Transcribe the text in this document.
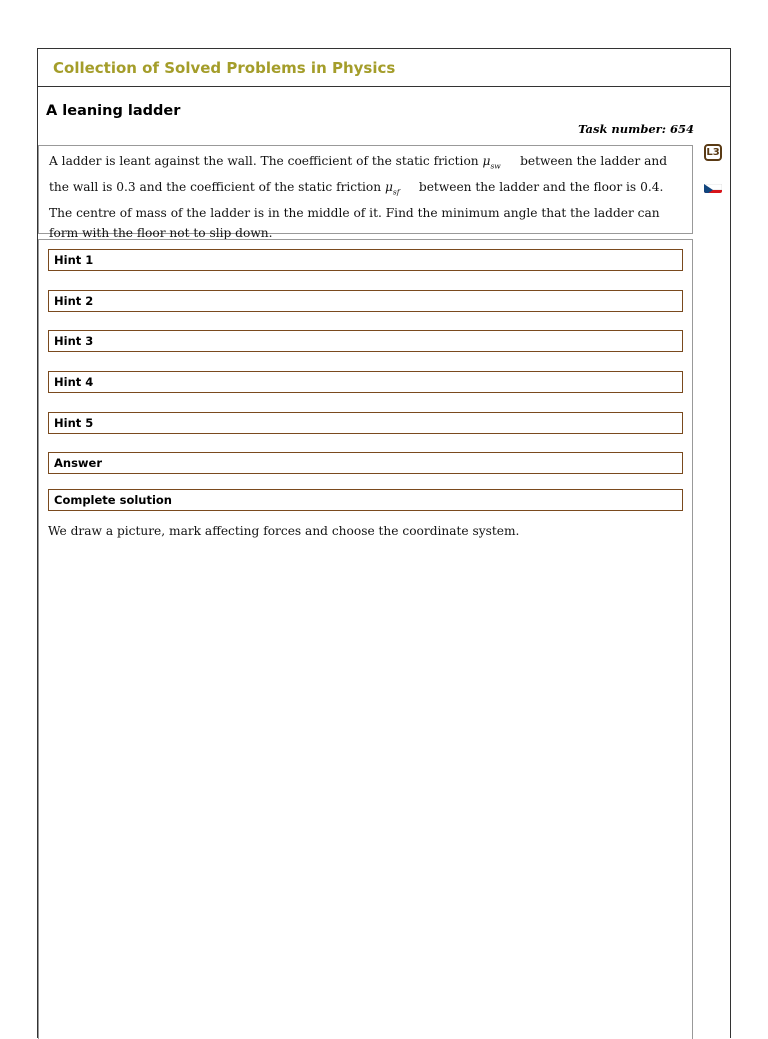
Collection of Solved Problems in Physics
A leaning ladder
Task number: 654
A ladder is leant against the wall. The coefficient of the static friction $\mu_{sw}$     between the ladder and the wall is 0.3 and the coefficient of the static friction $\mu_{sf}$     between the ladder and the floor is 0.4. The centre of mass of the ladder is in the middle of it. Find the minimum angle that the ladder can form with the floor not to slip down.
L3
Hint 1
Hint 2
Hint 3
Hint 4
Hint 5
Answer
Complete solution
We draw a picture, mark affecting forces and choose the coordinate system.
